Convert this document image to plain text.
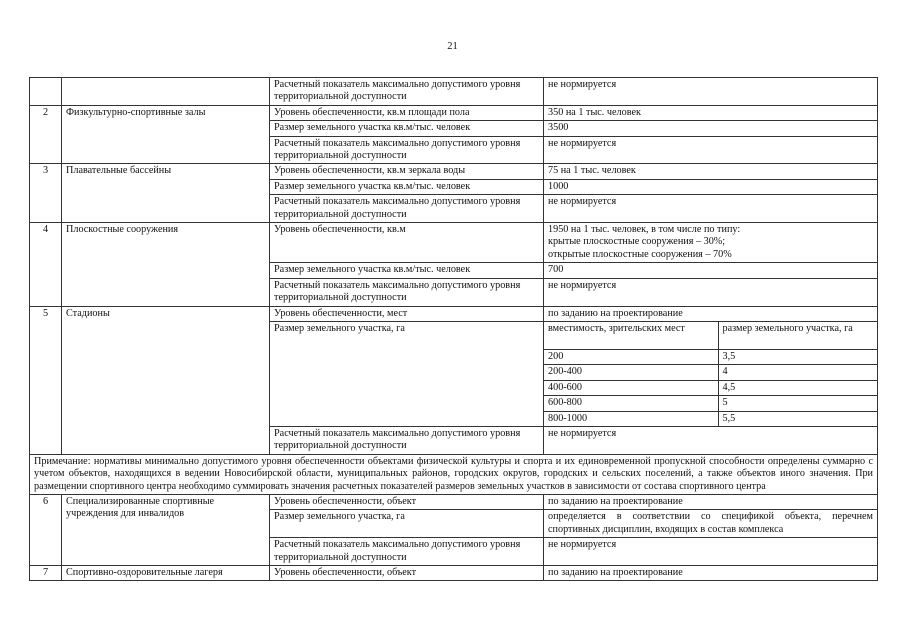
21
		Расчетный показатель максимально допустимого уровня территориальной доступности	не нормируется
2	Физкультурно-спортивные залы	Уровень обеспеченности, кв.м площади пола	350 на 1 тыс. человек
Размер земельного участка кв.м/тыс. человек	3500
Расчетный показатель максимально допустимого уровня территориальной доступности	не нормируется
3	Плавательные бассейны	Уровень обеспеченности, кв.м зеркала воды	75 на 1 тыс. человек
Размер земельного участка кв.м/тыс. человек	1000
Расчетный показатель максимально допустимого уровня территориальной доступности	не нормируется
4	Плоскостные сооружения	Уровень обеспеченности, кв.м	1950 на 1 тыс. человек, в том числе по типу:
крытые плоскостные сооружения – 30%;
открытые плоскостные сооружения – 70%

Размер земельного участка кв.м/тыс. человек	700
Расчетный показатель максимально допустимого уровня территориальной доступности	не нормируется
5	Стадионы	Уровень обеспеченности, мест	по заданию на проектирование
Размер земельного участка, га		вместимость, зрительских мест	размер земельного участка, га
200	3,5
200-400	4
400-600	4,5
600-800	5
800-1000	5,5

Расчетный показатель максимально допустимого уровня территориальной доступности	не нормируется
Примечание: нормативы минимально допустимого уровня обеспеченности объектами физической культуры и спорта и их единовременной пропускной способности определены суммарно с учетом объектов, находящихся в ведении Новосибирской области, муниципальных районов, городских округов, городских и сельских поселений, а также объектов иного значения. При размещении спортивного центра необходимо суммировать значения расчетных показателей размеров земельных участков в зависимости от состава спортивного центра
6	Специализированные спортивные учреждения для инвалидов	Уровень обеспеченности, объект	по заданию на проектирование
Размер земельного участка, га	определяется в соответствии со спецификой объекта, перечнем спортивных дисциплин, входящих в состав комплекса
Расчетный показатель максимально допустимого уровня территориальной доступности	не нормируется
7	Спортивно-оздоровительные лагеря	Уровень обеспеченности, объект	по заданию на проектирование
